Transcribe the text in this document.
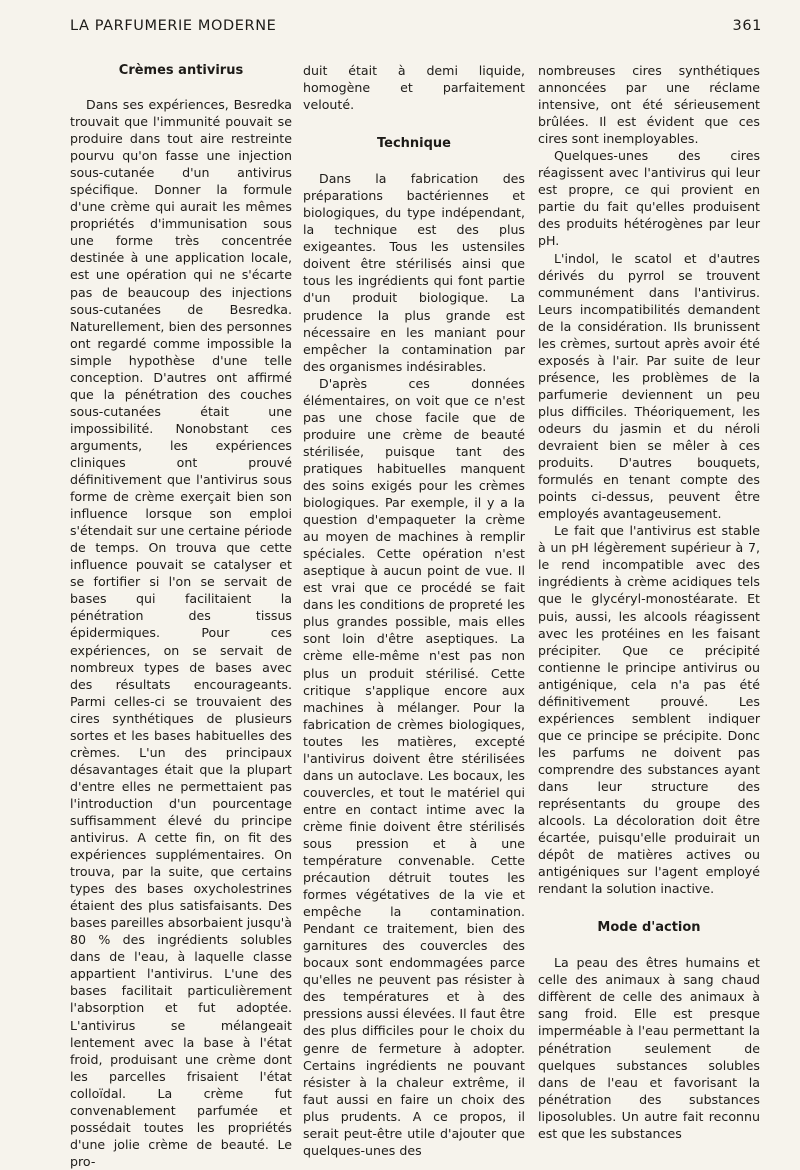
LA PARFUMERIE MODERNE	361
Crèmes antivirus

Dans ses expériences, Besredka trouvait que l'immunité pouvait se produire dans tout aire restreinte pourvu qu'on fasse une injection sous-cutanée d'un antivirus spécifique. Donner la formule d'une crème qui aurait les mêmes propriétés d'immunisation sous une forme très concentrée destinée à une application locale, est une opération qui ne s'écarte pas de beaucoup des injections sous-cutanées de Besredka. Naturellement, bien des personnes ont regardé comme impossible la simple hypothèse d'une telle conception. D'autres ont affirmé que la pénétration des couches sous-cutanées était une impossibilité. Nonobstant ces arguments, les expériences cliniques ont prouvé définitivement que l'antivirus sous forme de crème exerçait bien son influence lorsque son emploi s'étendait sur une certaine période de temps. On trouva que cette influence pouvait se catalyser et se fortifier si l'on se servait de bases qui facilitaient la pénétration des tissus épidermiques. Pour ces expériences, on se servait de nombreux types de bases avec des résultats encourageants. Parmi celles-ci se trouvaient des cires synthétiques de plusieurs sortes et les bases habituelles des crèmes. L'un des principaux désavantages était que la plupart d'entre elles ne permettaient pas l'introduction d'un pourcentage suffisamment élevé du principe antivirus. A cette fin, on fit des expériences supplémentaires. On trouva, par la suite, que certains types des bases oxycholestrines étaient des plus satisfaisants. Des bases pareilles absorbaient jusqu'à 80 % des ingrédients solubles dans de l'eau, à laquelle classe appartient l'antivirus. L'une des bases facilitait particulièrement l'absorption et fut adoptée. L'antivirus se mélangeait lentement avec la base à l'état froid, produisant une crème dont les parcelles frisaient l'état colloïdal. La crème fut convenablement parfumée et possédait toutes les propriétés d'une jolie crème de beauté. Le pro-

duit était à demi liquide, homogène et parfaitement velouté.

Technique

Dans la fabrication des préparations bactériennes et biologiques, du type indépendant, la technique est des plus exigeantes. Tous les ustensiles doivent être stérilisés ainsi que tous les ingrédients qui font partie d'un produit biologique. La prudence la plus grande est nécessaire en les maniant pour empêcher la contamination par des organismes indésirables.

D'après ces données élémentaires, on voit que ce n'est pas une chose facile que de produire une crème de beauté stérilisée, puisque tant des pratiques habituelles manquent des soins exigés pour les crèmes biologiques. Par exemple, il y a la question d'empaqueter la crème au moyen de machines à remplir spéciales. Cette opération n'est aseptique à aucun point de vue. Il est vrai que ce procédé se fait dans les conditions de propreté les plus grandes possible, mais elles sont loin d'être aseptiques. La crème elle-même n'est pas non plus un produit stérilisé. Cette critique s'applique encore aux machines à mélanger. Pour la fabrication de crèmes biologiques, toutes les matières, excepté l'antivirus doivent être stérilisées dans un autoclave. Les bocaux, les couvercles, et tout le matériel qui entre en contact intime avec la crème finie doivent être stérilisés sous pression et à une température convenable. Cette précaution détruit toutes les formes végétatives de la vie et empêche la contamination. Pendant ce traitement, bien des garnitures des couvercles des bocaux sont endommagées parce qu'elles ne peuvent pas résister à des températures et à des pressions aussi élevées. Il faut être des plus difficiles pour le choix du genre de fermeture à adopter. Certains ingrédients ne pouvant résister à la chaleur extrême, il faut aussi en faire un choix des plus prudents. A ce propos, il serait peut-être utile d'ajouter que quelques-unes des

nombreuses cires synthétiques annoncées par une réclame intensive, ont été sérieusement brûlées. Il est évident que ces cires sont inemployables.

Quelques-unes des cires réagissent avec l'antivirus qui leur est propre, ce qui provient en partie du fait qu'elles produisent des produits hétérogènes par leur pH.

L'indol, le scatol et d'autres dérivés du pyrrol se trouvent communément dans l'antivirus. Leurs incompatibilités demandent de la considération. Ils brunissent les crèmes, surtout après avoir été exposés à l'air. Par suite de leur présence, les problèmes de la parfumerie deviennent un peu plus difficiles. Théoriquement, les odeurs du jasmin et du néroli devraient bien se mêler à ces produits. D'autres bouquets, formulés en tenant compte des points ci-dessus, peuvent être employés avantageusement.

Le fait que l'antivirus est stable à un pH légèrement supérieur à 7, le rend incompatible avec des ingrédients à crème acidiques tels que le glycéryl-monostéarate. Et puis, aussi, les alcools réagissent avec les protéines en les faisant précipiter. Que ce précipité contienne le principe antivirus ou antigénique, cela n'a pas été définitivement prouvé. Les expériences semblent indiquer que ce principe se précipite. Donc les parfums ne doivent pas comprendre des substances ayant dans leur structure des représentants du groupe des alcools. La décoloration doit être écartée, puisqu'elle produirait un dépôt de matières actives ou antigéniques sur l'agent employé rendant la solution inactive.

Mode d'action

La peau des êtres humains et celle des animaux à sang chaud diffèrent de celle des animaux à sang froid. Elle est presque imperméable à l'eau permettant la pénétration seulement de quelques substances solubles dans de l'eau et favorisant la pénétration des substances liposolubles. Un autre fait reconnu est que les substances
